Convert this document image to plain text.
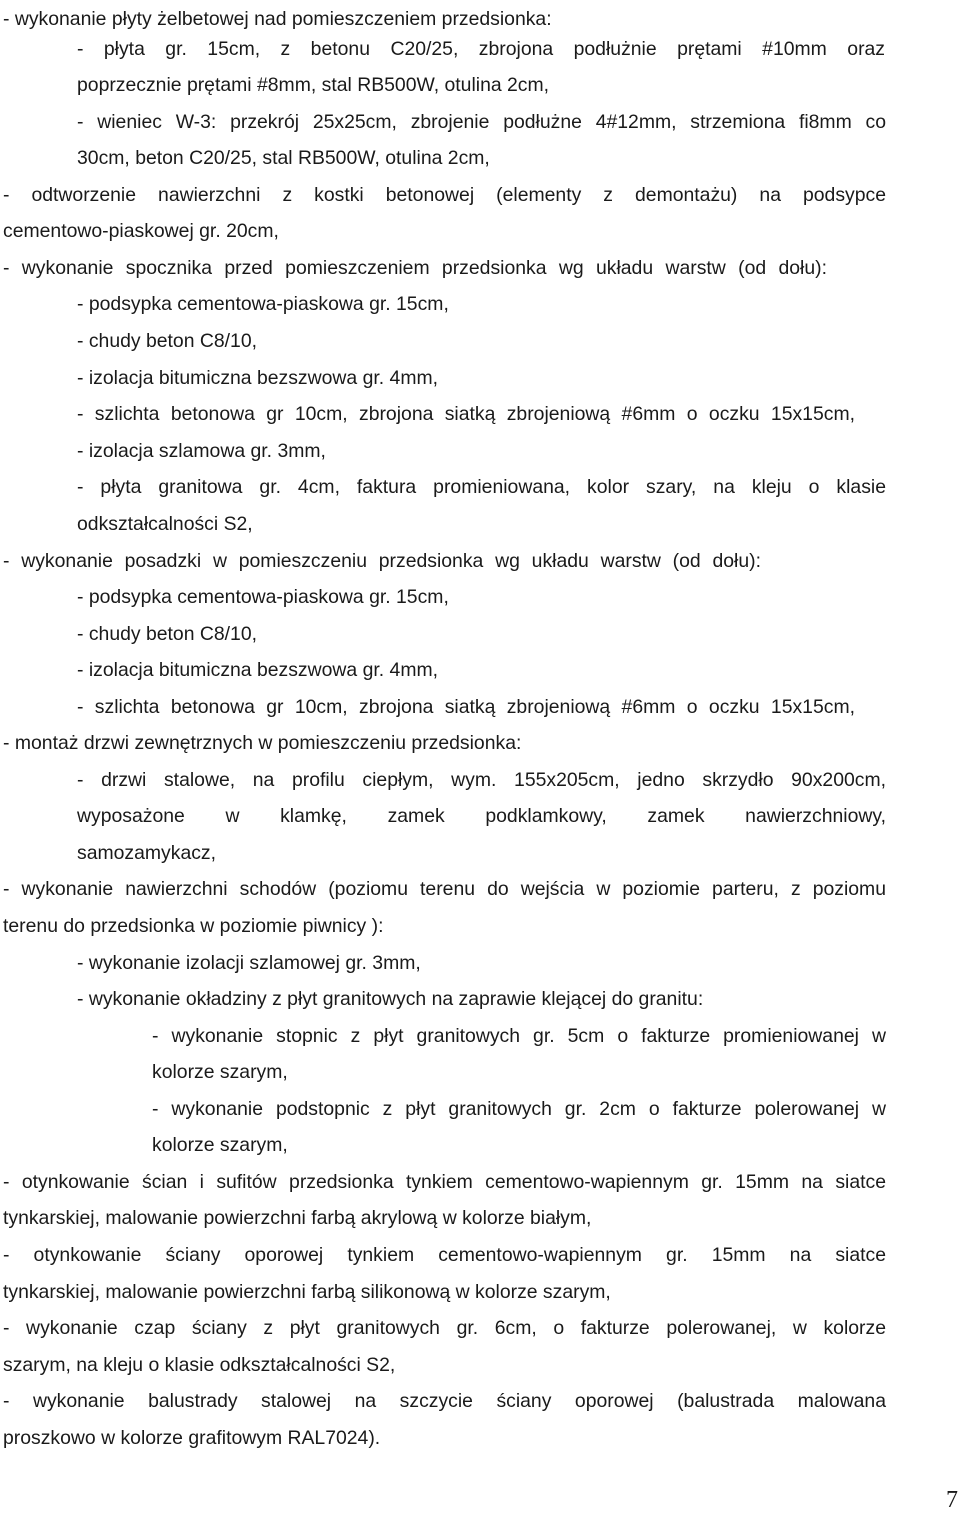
- wykonanie płyty żelbetowej nad pomieszczeniem przedsionka:
- płyta gr. 15cm, z betonu C20/25, zbrojona podłużnie prętami #10mm oraz
poprzecznie prętami #8mm, stal RB500W, otulina 2cm,
- wieniec W-3: przekrój 25x25cm, zbrojenie podłużne 4#12mm, strzemiona fi8mm co
30cm, beton C20/25, stal RB500W, otulina 2cm,
- odtworzenie nawierzchni z kostki betonowej (elementy z demontażu) na podsypce
cementowo-piaskowej gr. 20cm,
- wykonanie spocznika przed pomieszczeniem przedsionka wg układu warstw (od dołu):
- podsypka cementowa-piaskowa gr. 15cm,
- chudy beton C8/10,
- izolacja bitumiczna bezszwowa gr. 4mm,
- szlichta betonowa gr 10cm, zbrojona siatką zbrojeniową #6mm o oczku 15x15cm,
- izolacja szlamowa gr. 3mm,
- płyta granitowa gr. 4cm, faktura promieniowana, kolor szary, na kleju o klasie
odkształcalności S2,
- wykonanie posadzki w pomieszczeniu przedsionka wg układu warstw (od dołu):
- podsypka cementowa-piaskowa gr. 15cm,
- chudy beton C8/10,
- izolacja bitumiczna bezszwowa gr. 4mm,
- szlichta betonowa gr 10cm, zbrojona siatką zbrojeniową #6mm o oczku 15x15cm,
- montaż drzwi zewnętrznych w pomieszczeniu przedsionka:
- drzwi stalowe, na profilu ciepłym, wym. 155x205cm, jedno skrzydło 90x200cm,
wyposażone w klamkę, zamek podklamkowy, zamek nawierzchniowy,
samozamykacz,
- wykonanie nawierzchni schodów (poziomu terenu do wejścia w poziomie parteru, z poziomu
terenu do przedsionka w poziomie piwnicy ):
- wykonanie izolacji szlamowej gr. 3mm,
- wykonanie okładziny z płyt granitowych na zaprawie klejącej do granitu:
- wykonanie stopnic z płyt granitowych gr. 5cm o fakturze promieniowanej w
kolorze szarym,
- wykonanie podstopnic z płyt granitowych gr. 2cm o fakturze polerowanej w
kolorze szarym,
- otynkowanie ścian i sufitów przedsionka tynkiem cementowo-wapiennym gr. 15mm na siatce
tynkarskiej, malowanie powierzchni farbą akrylową w kolorze białym,
- otynkowanie ściany oporowej tynkiem cementowo-wapiennym gr. 15mm na siatce
tynkarskiej, malowanie powierzchni farbą silikonową w kolorze szarym,
- wykonanie czap ściany z płyt granitowych gr. 6cm, o fakturze polerowanej, w kolorze
szarym, na kleju o klasie odkształcalności S2,
- wykonanie balustrady stalowej na szczycie ściany oporowej (balustrada malowana
proszkowo w kolorze grafitowym RAL7024).
7
